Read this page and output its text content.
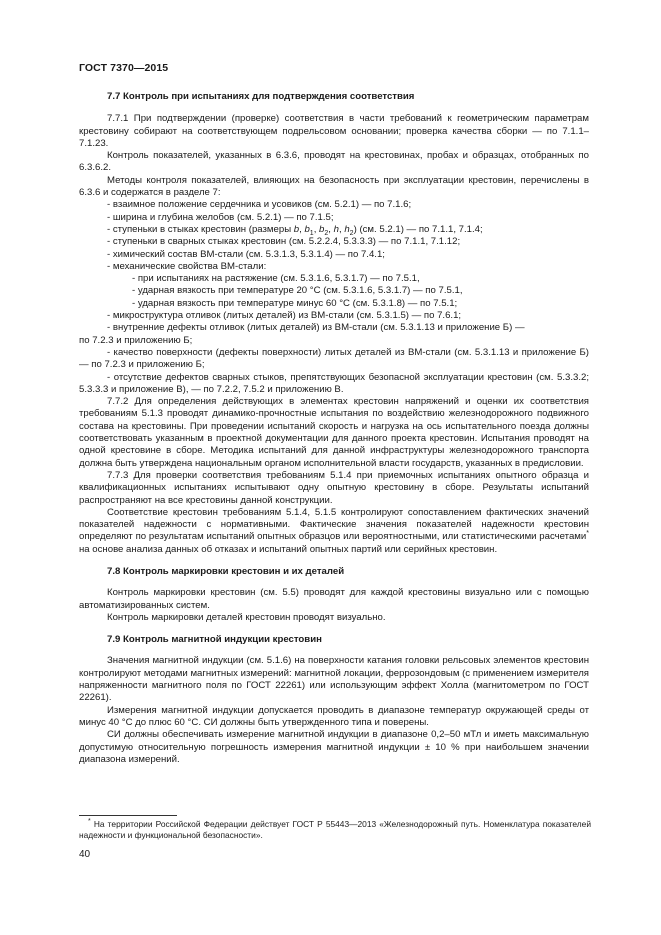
ГОСТ 7370—2015
7.7 Контроль при испытаниях для подтверждения соответствия

7.7.1 При подтверждении (проверке) соответствия в части требований к геометрическим параметрам крестовину собирают на соответствующем подрельсовом основании; проверка качества сборки — по 7.1.1–7.1.23.

Контроль показателей, указанных в 6.3.6, проводят на крестовинах, пробах и образцах, отобранных по 6.3.6.2.

Методы контроля показателей, влияющих на безопасность при эксплуатации крестовин, перечислены в 6.3.6 и содержатся в разделе 7:

- взаимное положение сердечника и усовиков (см. 5.2.1) — по 7.1.6;

- ширина и глубина желобов (см. 5.2.1) — по 7.1.5;

- ступеньки в стыках крестовин (размеры b, $b_1$, $b_2$, h, $h_2$) (см. 5.2.1) — по 7.1.1, 7.1.4;

- ступеньки в сварных стыках крестовин (см. 5.2.2.4, 5.3.3.3) — по 7.1.1, 7.1.12;

- химический состав ВМ-стали (см. 5.3.1.3, 5.3.1.4) — по 7.4.1;

- механические свойства ВМ-стали:

- при испытаниях на растяжение (см. 5.3.1.6, 5.3.1.7) — по 7.5.1,

- ударная вязкость при температуре 20 °С (см. 5.3.1.6, 5.3.1.7) — по 7.5.1,

- ударная вязкость при температуре минус 60 °С (см. 5.3.1.8) — по 7.5.1;

- микроструктура отливок (литых деталей) из ВМ-стали (см. 5.3.1.5) — по 7.6.1;

- внутренние дефекты отливок (литых деталей) из ВМ-стали (см. 5.3.1.13 и приложение Б) —

по 7.2.3 и приложению Б;

- качество поверхности (дефекты поверхности) литых деталей из ВМ-стали (см. 5.3.1.13 и приложение Б) — по 7.2.3 и приложению Б;

- отсутствие дефектов сварных стыков, препятствующих безопасной эксплуатации крестовин (см. 5.3.3.2; 5.3.3.3 и приложение В), — по 7.2.2, 7.5.2 и приложению В.

7.7.2 Для определения действующих в элементах крестовин напряжений и оценки их соответствия требованиям 5.1.3 проводят динамико-прочностные испытания по воздействию железнодорожного подвижного состава на крестовины. При проведении испытаний скорость и нагрузка на ось испытательного поезда должны соответствовать указанным в проектной документации для данного проекта крестовин. Испытания проводят на одной крестовине в сборе. Методика испытаний для данной инфраструктуры железнодорожного транспорта должна быть утверждена национальным органом исполнительной власти государств, указанных в предисловии.

7.7.3 Для проверки соответствия требованиям 5.1.4 при приемочных испытаниях опытного образца и квалификационных испытаниях испытывают одну опытную крестовину в сборе. Результаты испытаний распространяют на все крестовины данной конструкции.

Соответствие крестовин требованиям 5.1.4, 5.1.5 контролируют сопоставлением фактических значений показателей надежности с нормативными. Фактические значения показателей надежности крестовин определяют по результатам испытаний опытных образцов или вероятностными, или статистическими расчетами* на основе анализа данных об отказах и испытаний опытных партий или серийных крестовин.

7.8 Контроль маркировки крестовин и их деталей

Контроль маркировки крестовин (см. 5.5) проводят для каждой крестовины визуально или с помощью автоматизированных систем.

Контроль маркировки деталей крестовин проводят визуально.

7.9 Контроль магнитной индукции крестовин

Значения магнитной индукции (см. 5.1.6) на поверхности катания головки рельсовых элементов крестовин контролируют методами магнитных измерений: магнитной локации, феррозондовым (с применением измерителя напряженности магнитного поля по ГОСТ 22261) или использующим эффект Холла (магнитометром по ГОСТ 22261).

Измерения магнитной индукции допускается проводить в диапазоне температур окружающей среды от минус 40 °С до плюс 60 °С. СИ должны быть утвержденного типа и поверены.

СИ должны обеспечивать измерение магнитной индукции в диапазоне 0,2–50 мТл и иметь максимальную допустимую относительную погрешность измерения магнитной индукции ± 10 % при наибольшем значении диапазона измерений.

* На территории Российской Федерации действует ГОСТ Р 55443—2013 «Железнодорожный путь. Номенклатура показателей надежности и функциональной безопасности».
40
